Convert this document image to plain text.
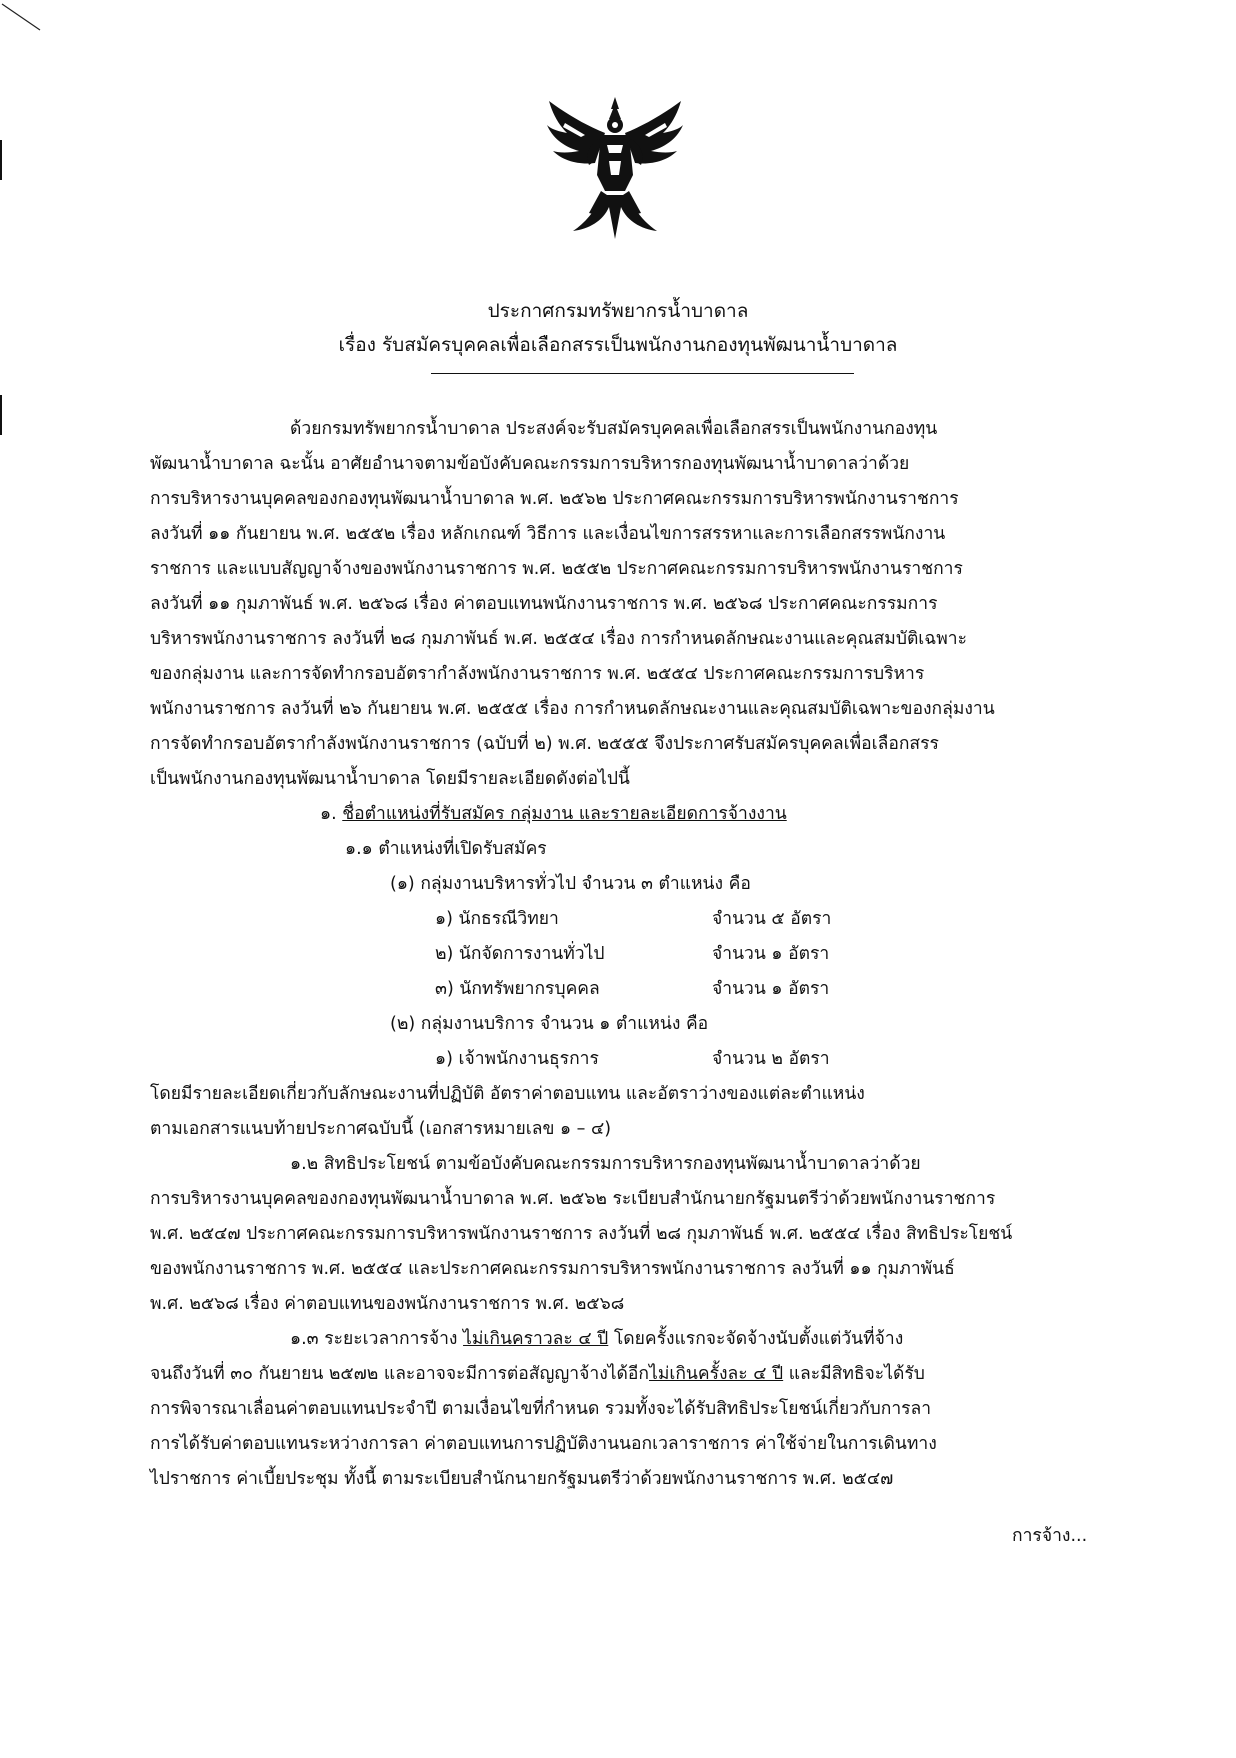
ประกาศกรมทรัพยากรน้ำบาดาล
เรื่อง รับสมัครบุคคลเพื่อเลือกสรรเป็นพนักงานกองทุนพัฒนาน้ำบาดาล
ด้วยกรมทรัพยากรน้ำบาดาล ประสงค์จะรับสมัครบุคคลเพื่อเลือกสรรเป็นพนักงานกองทุน
พัฒนาน้ำบาดาล ฉะนั้น อาศัยอำนาจตามข้อบังคับคณะกรรมการบริหารกองทุนพัฒนาน้ำบาดาลว่าด้วย
การบริหารงานบุคคลของกองทุนพัฒนาน้ำบาดาล พ.ศ. ๒๕๖๒ ประกาศคณะกรรมการบริหารพนักงานราชการ
ลงวันที่ ๑๑ กันยายน พ.ศ. ๒๕๕๒ เรื่อง หลักเกณฑ์ วิธีการ และเงื่อนไขการสรรหาและการเลือกสรรพนักงาน
ราชการ และแบบสัญญาจ้างของพนักงานราชการ พ.ศ. ๒๕๕๒ ประกาศคณะกรรมการบริหารพนักงานราชการ
ลงวันที่ ๑๑ กุมภาพันธ์ พ.ศ. ๒๕๖๘ เรื่อง ค่าตอบแทนพนักงานราชการ พ.ศ. ๒๕๖๘ ประกาศคณะกรรมการ
บริหารพนักงานราชการ ลงวันที่ ๒๘ กุมภาพันธ์ พ.ศ. ๒๕๕๔ เรื่อง การกำหนดลักษณะงานและคุณสมบัติเฉพาะ
ของกลุ่มงาน และการจัดทำกรอบอัตรากำลังพนักงานราชการ พ.ศ. ๒๕๕๔ ประกาศคณะกรรมการบริหาร
พนักงานราชการ ลงวันที่ ๒๖ กันยายน พ.ศ. ๒๕๕๕ เรื่อง การกำหนดลักษณะงานและคุณสมบัติเฉพาะของกลุ่มงาน
การจัดทำกรอบอัตรากำลังพนักงานราชการ (ฉบับที่ ๒) พ.ศ. ๒๕๕๕ จึงประกาศรับสมัครบุคคลเพื่อเลือกสรร
เป็นพนักงานกองทุนพัฒนาน้ำบาดาล โดยมีรายละเอียดดังต่อไปนี้
๑. ชื่อตำแหน่งที่รับสมัคร กลุ่มงาน และรายละเอียดการจ้างงาน
๑.๑ ตำแหน่งที่เปิดรับสมัคร
(๑) กลุ่มงานบริหารทั่วไป จำนวน ๓ ตำแหน่ง คือ
๑) นักธรณีวิทยา	จำนวน ๕ อัตรา
๒) นักจัดการงานทั่วไป	จำนวน ๑ อัตรา
๓) นักทรัพยากรบุคคล	จำนวน ๑ อัตรา
(๒) กลุ่มงานบริการ จำนวน ๑ ตำแหน่ง คือ
๑) เจ้าพนักงานธุรการ	จำนวน ๒ อัตรา
โดยมีรายละเอียดเกี่ยวกับลักษณะงานที่ปฏิบัติ อัตราค่าตอบแทน และอัตราว่างของแต่ละตำแหน่ง
ตามเอกสารแนบท้ายประกาศฉบับนี้ (เอกสารหมายเลข ๑ – ๔)
๑.๒ สิทธิประโยชน์ ตามข้อบังคับคณะกรรมการบริหารกองทุนพัฒนาน้ำบาดาลว่าด้วย
การบริหารงานบุคคลของกองทุนพัฒนาน้ำบาดาล พ.ศ. ๒๕๖๒ ระเบียบสำนักนายกรัฐมนตรีว่าด้วยพนักงานราชการ
พ.ศ. ๒๕๔๗ ประกาศคณะกรรมการบริหารพนักงานราชการ ลงวันที่ ๒๘ กุมภาพันธ์ พ.ศ. ๒๕๕๔ เรื่อง สิทธิประโยชน์
ของพนักงานราชการ พ.ศ. ๒๕๕๔ และประกาศคณะกรรมการบริหารพนักงานราชการ ลงวันที่ ๑๑ กุมภาพันธ์
พ.ศ. ๒๕๖๘ เรื่อง ค่าตอบแทนของพนักงานราชการ พ.ศ. ๒๕๖๘
๑.๓ ระยะเวลาการจ้าง ไม่เกินคราวละ ๔ ปี โดยครั้งแรกจะจัดจ้างนับตั้งแต่วันที่จ้าง
จนถึงวันที่ ๓๐ กันยายน ๒๕๗๒ และอาจจะมีการต่อสัญญาจ้างได้อีกไม่เกินครั้งละ ๔ ปี และมีสิทธิจะได้รับ
การพิจารณาเลื่อนค่าตอบแทนประจำปี ตามเงื่อนไขที่กำหนด รวมทั้งจะได้รับสิทธิประโยชน์เกี่ยวกับการลา
การได้รับค่าตอบแทนระหว่างการลา ค่าตอบแทนการปฏิบัติงานนอกเวลาราชการ ค่าใช้จ่ายในการเดินทาง
ไปราชการ ค่าเบี้ยประชุม ทั้งนี้ ตามระเบียบสำนักนายกรัฐมนตรีว่าด้วยพนักงานราชการ พ.ศ. ๒๕๔๗
การจ้าง...
